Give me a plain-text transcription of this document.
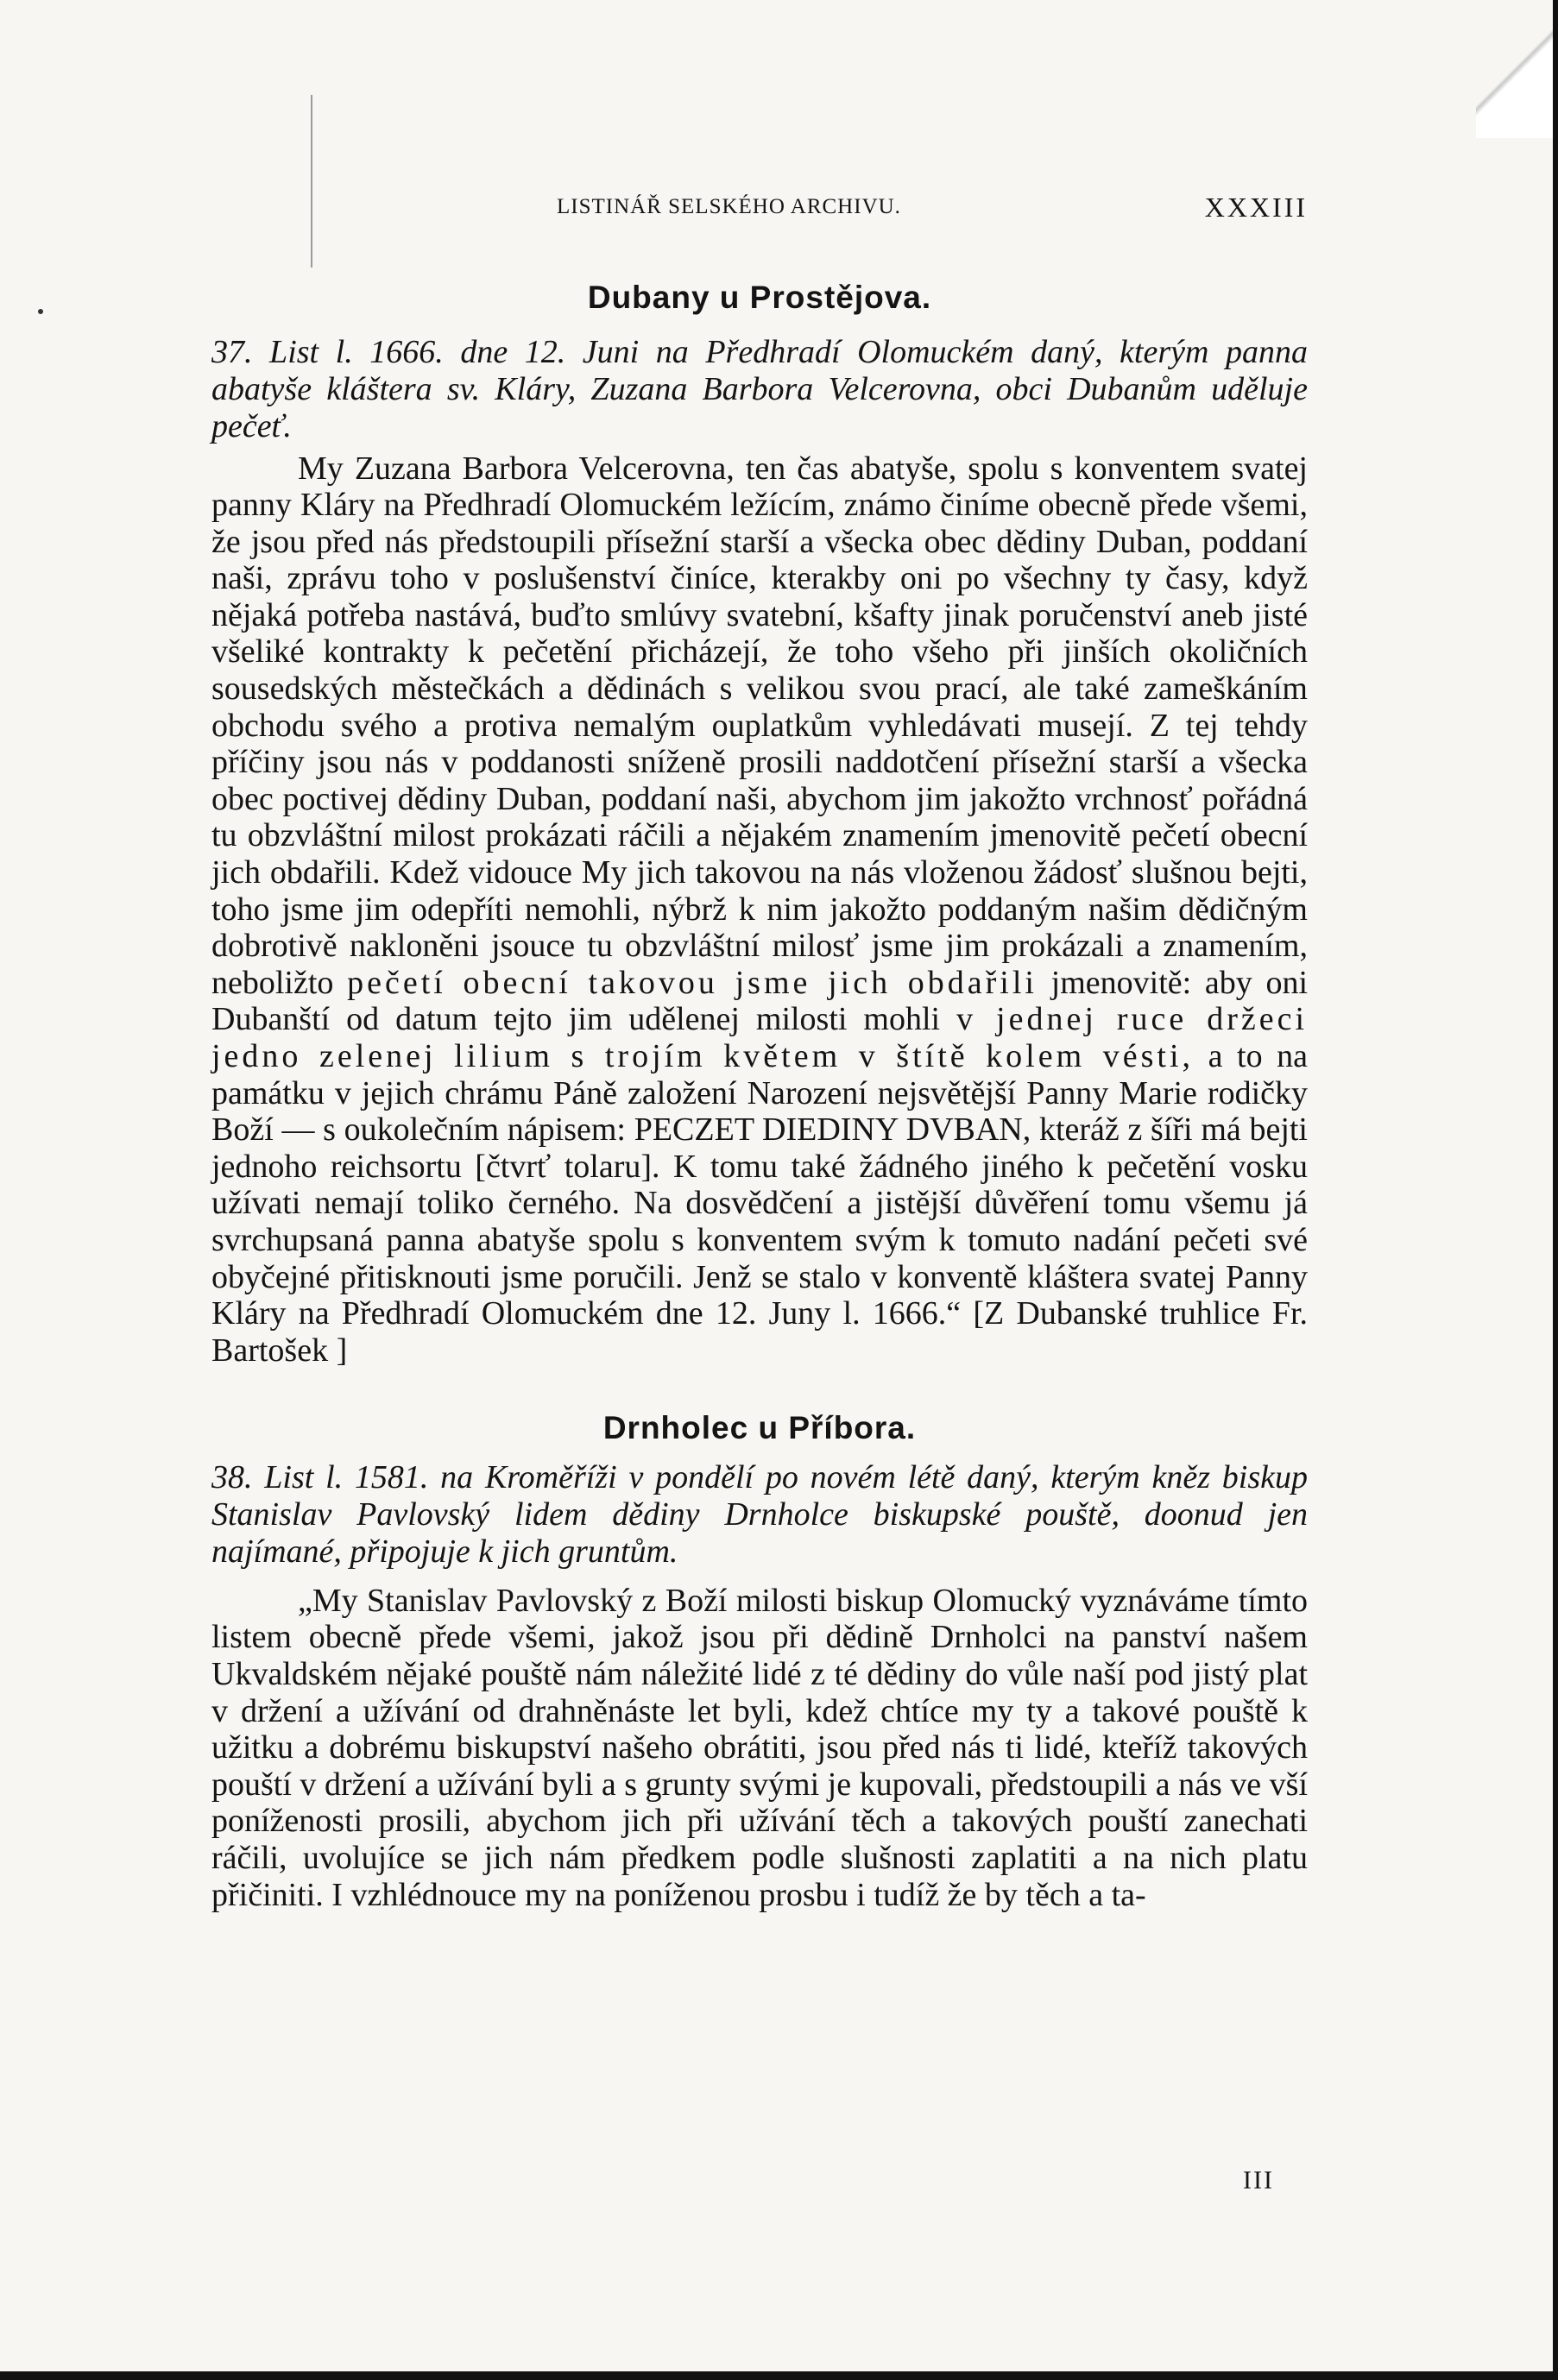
LISTINÁŘ SELSKÉHO ARCHIVU.	XXXIII
Dubany u Prostějova.

37. List l. 1666. dne 12. Juni na Předhradí Olomuckém daný, kterým panna abatyše kláštera sv. Kláry, Zuzana Barbora Velcerovna, obci Dubanům uděluje pečeť.

My Zuzana Barbora Velcerovna, ten čas abatyše, spolu s konventem svatej panny Kláry na Předhradí Olomuckém ležícím, známo činíme obecně přede všemi, že jsou před nás předstoupili přísežní starší a všecka obec dědiny Duban, poddaní naši, zprávu toho v poslušenství činíce, kterakby oni po všechny ty časy, když nějaká potřeba nastává, buďto smlúvy svatební, kšafty jinak poručenství aneb jisté všeliké kontrakty k pečetění přicházejí, že toho všeho při jinších okoličních sousedských městečkách a dědinách s velikou svou prací, ale také zameškáním obchodu svého a protiva nemalým ouplatkům vyhledávati musejí. Z tej tehdy příčiny jsou nás v poddanosti sníženě prosili naddotčení přísežní starší a všecka obec poctivej dědiny Duban, poddaní naši, abychom jim jakožto vrchnosť pořádná tu obzvláštní milost prokázati ráčili a nějakém znamením jmenovitě pečetí obecní jich obdařili. Kdež vidouce My jich takovou na nás vloženou žádosť slušnou bejti, toho jsme jim odepříti nemohli, nýbrž k nim jakožto poddaným našim dědičným dobrotivě nakloněni jsouce tu obzvláštní milosť jsme jim prokázali a znamením, neboližto pečetí obecní takovou jsme jich obdařili jmenovitě: aby oni Dubanští od datum tejto jim udělenej milosti mohli v jednej ruce držeci jedno zelenej lilium s trojím květem v štítě kolem vésti, a to na památku v jejich chrámu Páně založení Narození nejsvětější Panny Marie rodičky Boží — s oukolečním nápisem: PECZET DIEDINY DVBAN, kteráž z šíři má bejti jednoho reichsortu [čtvrť tolaru]. K tomu také žádného jiného k pečetění vosku užívati nemají toliko černého. Na dosvědčení a jistější důvěření tomu všemu já svrchupsaná panna abatyše spolu s konventem svým k tomuto nadání pečeti své obyčejné přitisknouti jsme poručili. Jenž se stalo v konventě kláštera svatej Panny Kláry na Předhradí Olomuckém dne 12. Juny l. 1666.“ [Z Dubanské truhlice Fr. Bartošek ]

Drnholec u Příbora.

38. List l. 1581. na Kroměříži v pondělí po novém létě daný, kterým kněz biskup Stanislav Pavlovský lidem dědiny Drnholce biskupské pouště, doonud jen najímané, připojuje k jich gruntům.

„My Stanislav Pavlovský z Boží milosti biskup Olomucký vyznáváme tímto listem obecně přede všemi, jakož jsou při dědině Drnholci na panství našem Ukvaldském nějaké pouště nám náležité lidé z té dědiny do vůle naší pod jistý plat v držení a užívání od drahněnáste let byli, kdež chtíce my ty a takové pouště k užitku a dobrému biskupství našeho obrátiti, jsou před nás ti lidé, kteříž takových pouští v držení a užívání byli a s grunty svými je kupovali, předstoupili a nás ve vší poníženosti prosili, abychom jich při užívání těch a takových pouští zanechati ráčili, uvolujíce se jich nám předkem podle slušnosti zaplatiti a na nich platu přičiniti. I vzhlédnouce my na poníženou prosbu i tudíž že by těch a ta-

III
